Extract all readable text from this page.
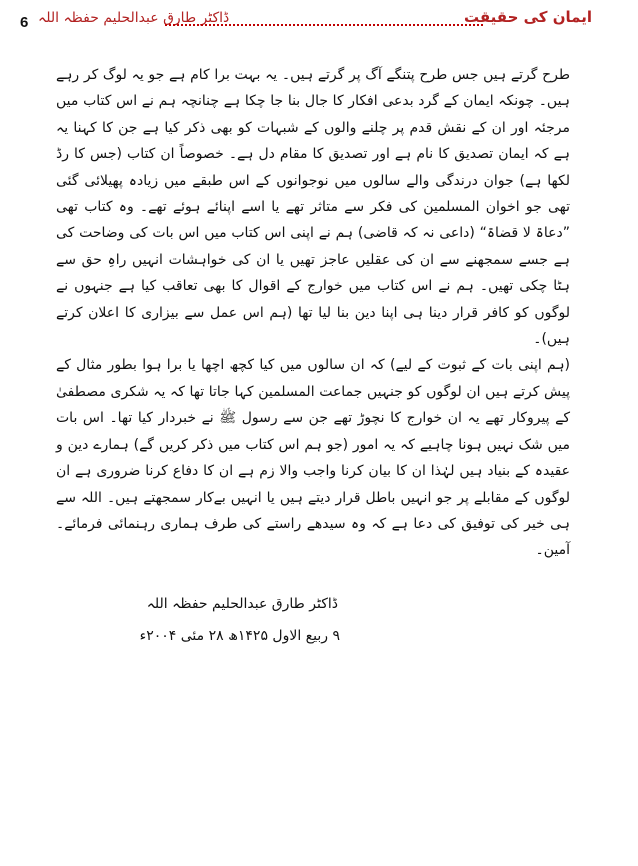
6 ڈاکٹر طارق عبدالحلیم حفظہ اللہ	ایمان کی حقیقت

طرح گرتے ہیں جس طرح پتنگے آگ پر گرتے ہیں۔ یہ بہت برا کام ہے جو یہ لوگ کر رہے ہیں۔ چونکہ ایمان کے گرد بدعی افکار کا جال بنا جا چکا ہے چنانچہ ہم نے اس کتاب میں مرجئہ اور ان کے نقش قدم پر چلنے والوں کے شبہات کو بھی ذکر کیا ہے جن کا کہنا یہ ہے کہ ایمان تصدیق کا نام ہے اور تصدیق کا مقام دل ہے۔ خصوصاً ان کتاب (جس کا رڈ لکھا ہے) جوان درندگی والے سالوں میں نوجوانوں کے اس طبقے میں زیادہ پھیلائی گئی تھی جو اخوان المسلمین کی فکر سے متاثر تھے یا اسے اپنائے ہوئے تھے۔ وہ کتاب تھی ”دعاۃ لا قضاۃ“ (داعی نہ کہ قاضی) ہم نے اپنی اس کتاب میں اس بات کی وضاحت کی ہے جسے سمجھنے سے ان کی عقلیں عاجز تھیں یا ان کی خواہشات انہیں راہِ حق سے ہٹا چکی تھیں۔ ہم نے اس کتاب میں خوارج کے اقوال کا بھی تعاقب کیا ہے جنہوں نے لوگوں کو کافر قرار دینا ہی اپنا دین بنا لیا تھا (ہم اس عمل سے بیزاری کا اعلان کرتے ہیں)۔

(ہم اپنی بات کے ثبوت کے لیے) کہ ان سالوں میں کیا کچھ اچھا یا برا ہوا بطور مثال کے پیش کرتے ہیں ان لوگوں کو جنہیں جماعت المسلمین کہا جاتا تھا کہ یہ شکری مصطفیٰ کے پیروکار تھے یہ ان خوارج کا نچوڑ تھے جن سے رسول ﷺ نے خبردار کیا تھا۔ اس بات میں شک نہیں ہونا چاہیے کہ یہ امور (جو ہم اس کتاب میں ذکر کریں گے) ہمارے دین و عقیدہ کے بنیاد ہیں لہٰذا ان کا بیان کرنا واجب والا زم ہے ان کا دفاع کرنا ضروری ہے ان لوگوں کے مقابلے پر جو انہیں باطل قرار دیتے ہیں یا انہیں بےکار سمجھتے ہیں۔ اللہ سے ہی خیر کی توفیق کی دعا ہے کہ وہ سیدھے راستے کی طرف ہماری رہنمائی فرمائے۔ آمین۔

ڈاکٹر طارق عبدالحلیم حفظہ اللہ
۹ ربیع الاول ۱۴۲۵ھ ۲۸ مئی ۲۰۰۴ء
